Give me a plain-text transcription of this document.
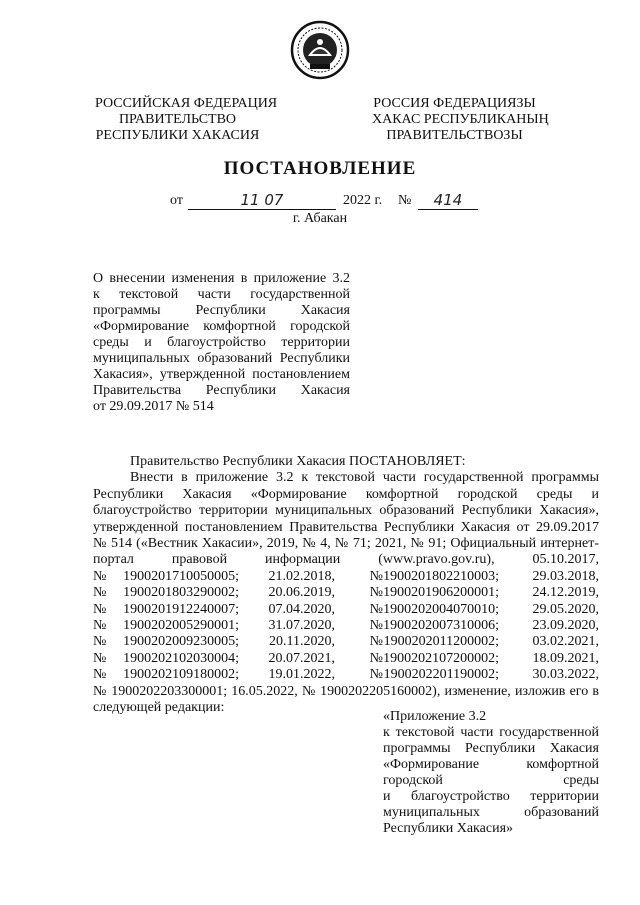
РОССИЙСКАЯ ФЕДЕРАЦИЯ
ПРАВИТЕЛЬСТВО
РЕСПУБЛИКИ ХАКАСИЯ
РОССИЯ ФЕДЕРАЦИЯЗЫ
ХАКАС РЕСПУБЛИКАНЫҢ
ПРАВИТЕЛЬСТВОЗЫ
ПОСТАНОВЛЕНИЕ
от	11 07	2022 г. №	414
г. Абакан
О внесении изменения в приложение 3.2
к текстовой части государственной
программы Республики Хакасия
«Формирование комфортной городской
среды и благоустройство территории
муниципальных образований Республики
Хакасия», утвержденной постановлением
Правительства Республики Хакасия
от 29.09.2017 № 514
Правительство Республики Хакасия ПОСТАНОВЛЯЕТ:
Внести в приложение 3.2 к текстовой части государственной программы
Республики Хакасия «Формирование комфортной городской среды и
благоустройство территории муниципальных образований Республики Хакасия»,
утвержденной постановлением Правительства Республики Хакасия от 29.09.2017
№ 514 («Вестник Хакасии», 2019, № 4, № 71; 2021, № 91; Официальный интернет-
портал правовой информации (www.pravo.gov.ru), 05.10.2017,
№	1900201710050005;	21.02.2018,	№ 1900201802210003;	29.03.2018,
№	1900201803290002;	20.06.2019,	№ 1900201906200001;	24.12.2019,
№	1900201912240007;	07.04.2020,	№ 1900202004070010;	29.05.2020,
№	1900202005290001;	31.07.2020,	№ 1900202007310006;	23.09.2020,
№	1900202009230005;	20.11.2020,	№ 1900202011200002;	03.02.2021,
№	1900202102030004;	20.07.2021,	№ 1900202107200002;	18.09.2021,
№	1900202109180002;	19.01.2022,	№ 1900202201190002;	30.03.2022,
№ 1900202203300001; 16.05.2022, № 1900202205160002), изменение, изложив его в
следующей редакции:
«Приложение 3.2
к текстовой части государственной
программы Республики Хакасия
«Формирование комфортной
городской среды
и благоустройство территории
муниципальных образований
Республики Хакасия»
